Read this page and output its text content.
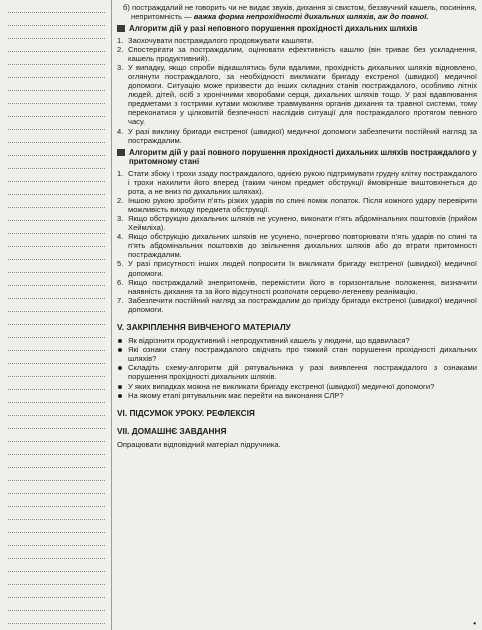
б) постраждалий не говорить чи не видає звуків, дихання зі свистом, беззвучний кашель, посиніння, непритомність — важка форма непрохідності дихальних шляхів, аж до повної.

Алгоритм дій у разі неповного порушення прохідності дихальних шляхів
1. Заохочувати постраждалого продовжувати кашляти.
2. Спостерігати за постраждалим, оцінювати ефективність кашлю (він триває без ускладнення, кашель продуктивний).
3. У випадку, якщо спроби відкашлятись були вдалими, прохідність дихальних шляхів відновлено, оглянути постраждалого, за необхідності викликати бригаду екстреної (швидкої) медичної допомоги. Ситуацію може призвести до інших складних станів постраждалого, особливо літніх людей, дітей, осіб з хронічними хворобами серця, дихальних шляхів тощо. У разі вдавлювання предметами з гострими кутами можливе травмування органів дихання та травної системи, тому переконатися у цілковитій безпечності наслідків ситуації для постраждалого протягом певного часу.
4. У разі виклику бригади екстреної (швидкої) медичної допомоги забезпечити постійний нагляд за постраждалим.
Алгоритм дій у разі повного порушення прохідності дихальних шляхів постраждалого у притомному стані
1. Стати збоку і трохи ззаду постраждалого, однією рукою підтримувати грудну клітку постраждалого і трохи нахилити його вперед (таким чином предмет обструкції ймовірніше виштовхнеться до рота, а не вниз по дихальних шляхах).
2. Іншою рукою зробити п’ять різких ударів по спині поміж лопаток. Після кожного удару перевірити можливість виходу предмета обструкції.
3. Якщо обструкцію дихальних шляхів не усунено, виконати п’ять абдомінальних поштовхів (прийом Хеймліха).
4. Якщо обструкцію дихальних шляхів не усунено, почергово повторювати п’ять ударів по спині та п’ять абдомінальних поштовхів до звільнення дихальних шляхів або до втрати притомності постраждалим.
5. У разі присутності інших людей попросити їх викликати бригаду екстреної (швидкої) медичної допомоги.
6. Якщо постраждалий знепритомнів, перемістити його в горизонтальне положення, визначити наявність дихання та за його відсутності розпочати серцево-легеневу реанімацію.
7. Забезпечити постійний нагляд за постраждалим до приїзду бригади екстреної (швидкої) медичної допомоги.
V. ЗАКРІПЛЕННЯ ВИВЧЕНОГО МАТЕРІАЛУ
Як відрізнити продуктивний і непродуктивний кашель у людини, що вдавилася?
Які ознаки стану постраждалого свідчать про тяжкий стан порушення прохідності дихальних шляхів?
Складіть схему-алгоритм дій рятувальника у разі виявлення постраждалого з ознаками порушення прохідності дихальних шляхів.
У яких випадках можна не викликати бригаду екстреної (швидкої) медичної допомоги?
На якому етапі рятувальник має перейти на виконання СЛР?
VI. ПІДСУМОК УРОКУ. РЕФЛЕКСІЯ
VII. ДОМАШНЄ ЗАВДАННЯ
Опрацювати відповідний матеріал підручника.
•
